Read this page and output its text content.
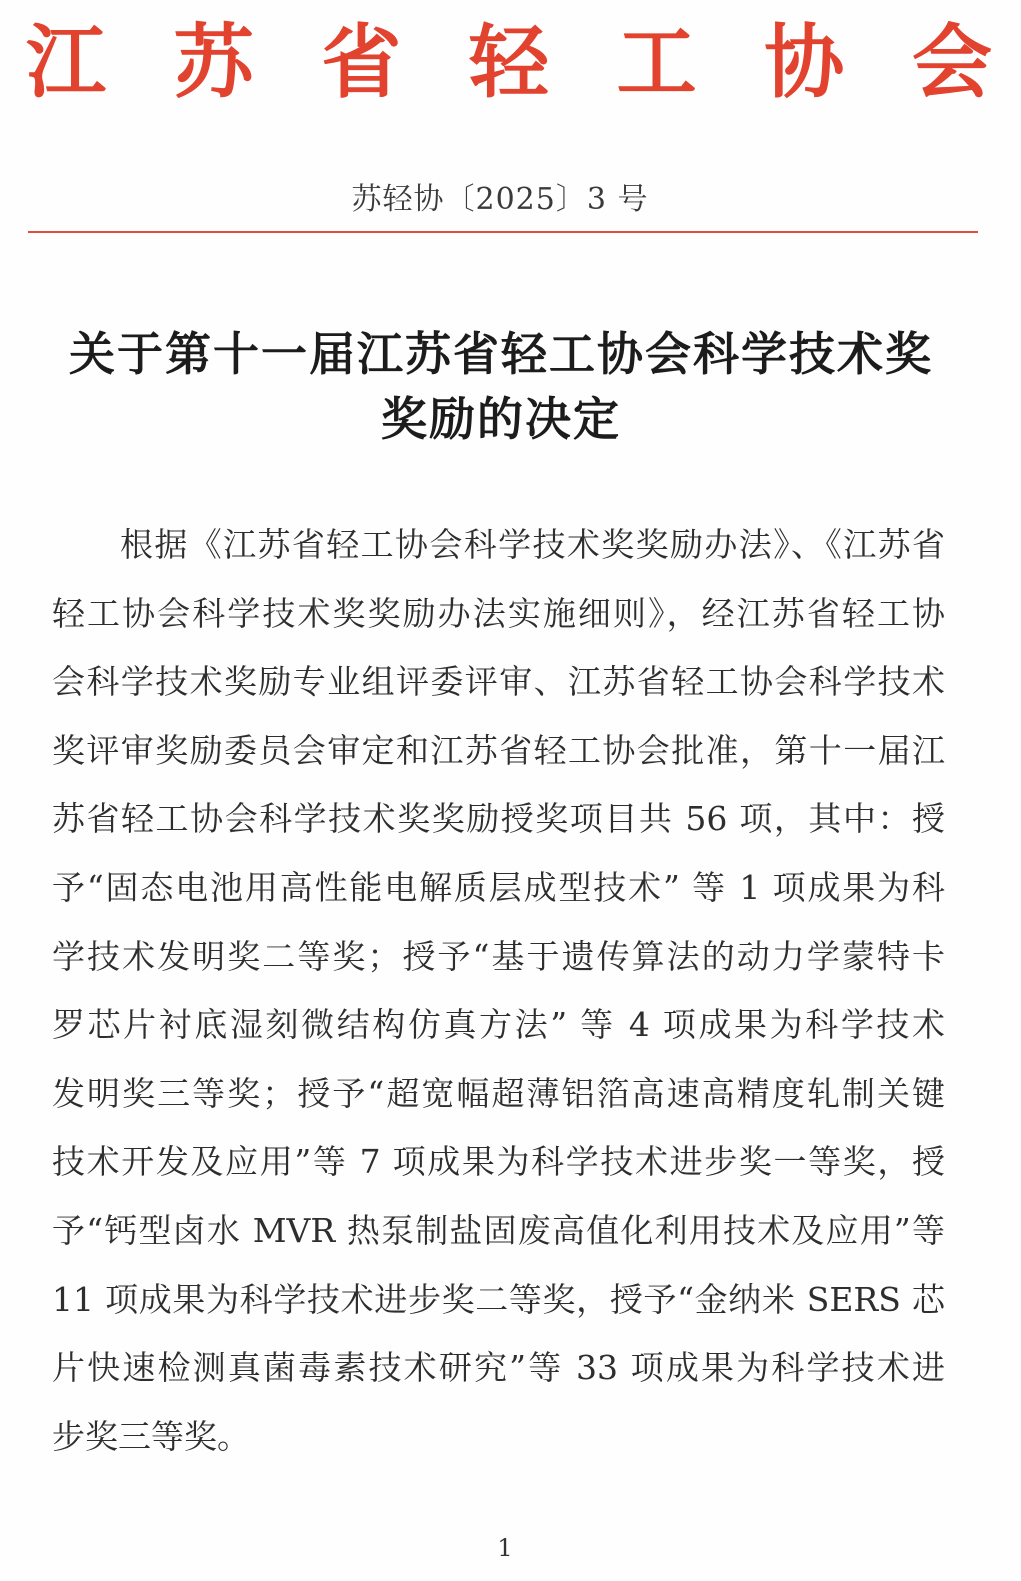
江 苏 省 轻 工 协 会
苏轻协〔2025〕3 号
关于第十一届江苏省轻工协会科学技术奖
奖励的决定
根据《江苏省轻工协会科学技术奖奖励办法》、《江苏省
轻工协会科学技术奖奖励办法实施细则》，经江苏省轻工协
会科学技术奖励专业组评委评审、江苏省轻工协会科学技术
奖评审奖励委员会审定和江苏省轻工协会批准，第十一届江
苏省轻工协会科学技术奖奖励授奖项目共 56 项，其中：授
予“固态电池用高性能电解质层成型技术” 等 1 项成果为科
学技术发明奖二等奖；授予“基于遗传算法的动力学蒙特卡
罗芯片衬底湿刻微结构仿真方法” 等 4 项成果为科学技术
发明奖三等奖；授予“超宽幅超薄铝箔高速高精度轧制关键
技术开发及应用”等 7 项成果为科学技术进步奖一等奖，授
予“钙型卤水 MVR 热泵制盐固废高值化利用技术及应用”等
11 项成果为科学技术进步奖二等奖，授予“金纳米 SERS 芯
片快速检测真菌毒素技术研究”等 33 项成果为科学技术进
步奖三等奖。
1
